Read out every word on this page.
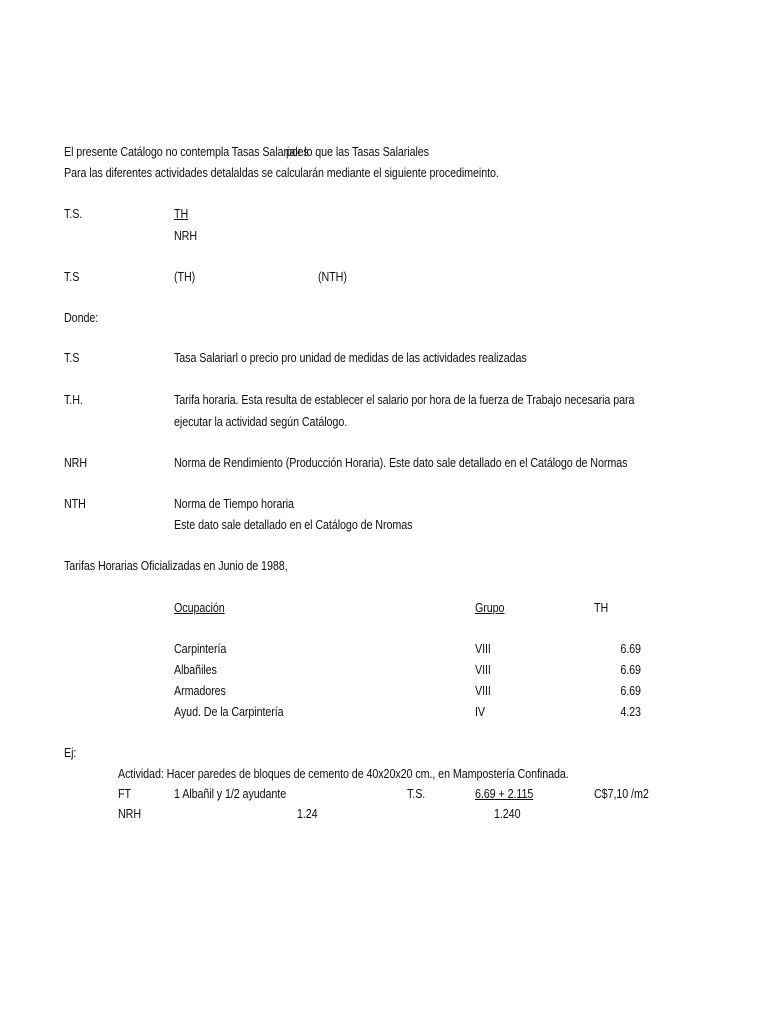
El presente Catálogo no contempla Tasas Salariales
por lo que las Tasas Salariales
Para las diferentes actividades detalaldas se calcularán mediante el siguiente procedimeinto.
T.S.	TH
NRH
T.S	(TH)	(NTH)
Donde:
T.S	Tasa Salariarl o precio pro unidad de medidas de las actividades realizadas
T.H.	Tarifa horaria. Esta resulta de establecer el salario por hora de la fuerza de Trabajo necesaria para
ejecutar la actividad según Catálogo.
NRH	Norma de Rendimiento (Producción Horaria). Este dato sale detallado en el Catálogo de Normas
NTH	Norma de Tiempo horaria
Este dato sale detallado en el Catálogo de Nromas
Tarifas Horarias Oficializadas en Junio de 1988,
Ocupación	Grupo	TH
Carpintería	VIII	6.69
Albañiles	VIII	6.69
Armadores	VIII	6.69
Ayud. De la Carpintería	IV	4.23
Ej:
Actividad: Hacer paredes de bloques de cemento de 40x20x20 cm., en Mampostería Confinada.
FT	1 Albañil y 1/2 ayudante	T.S.	6.69 + 2.115	C$7,10 /m2
NRH	1.24	1.240
